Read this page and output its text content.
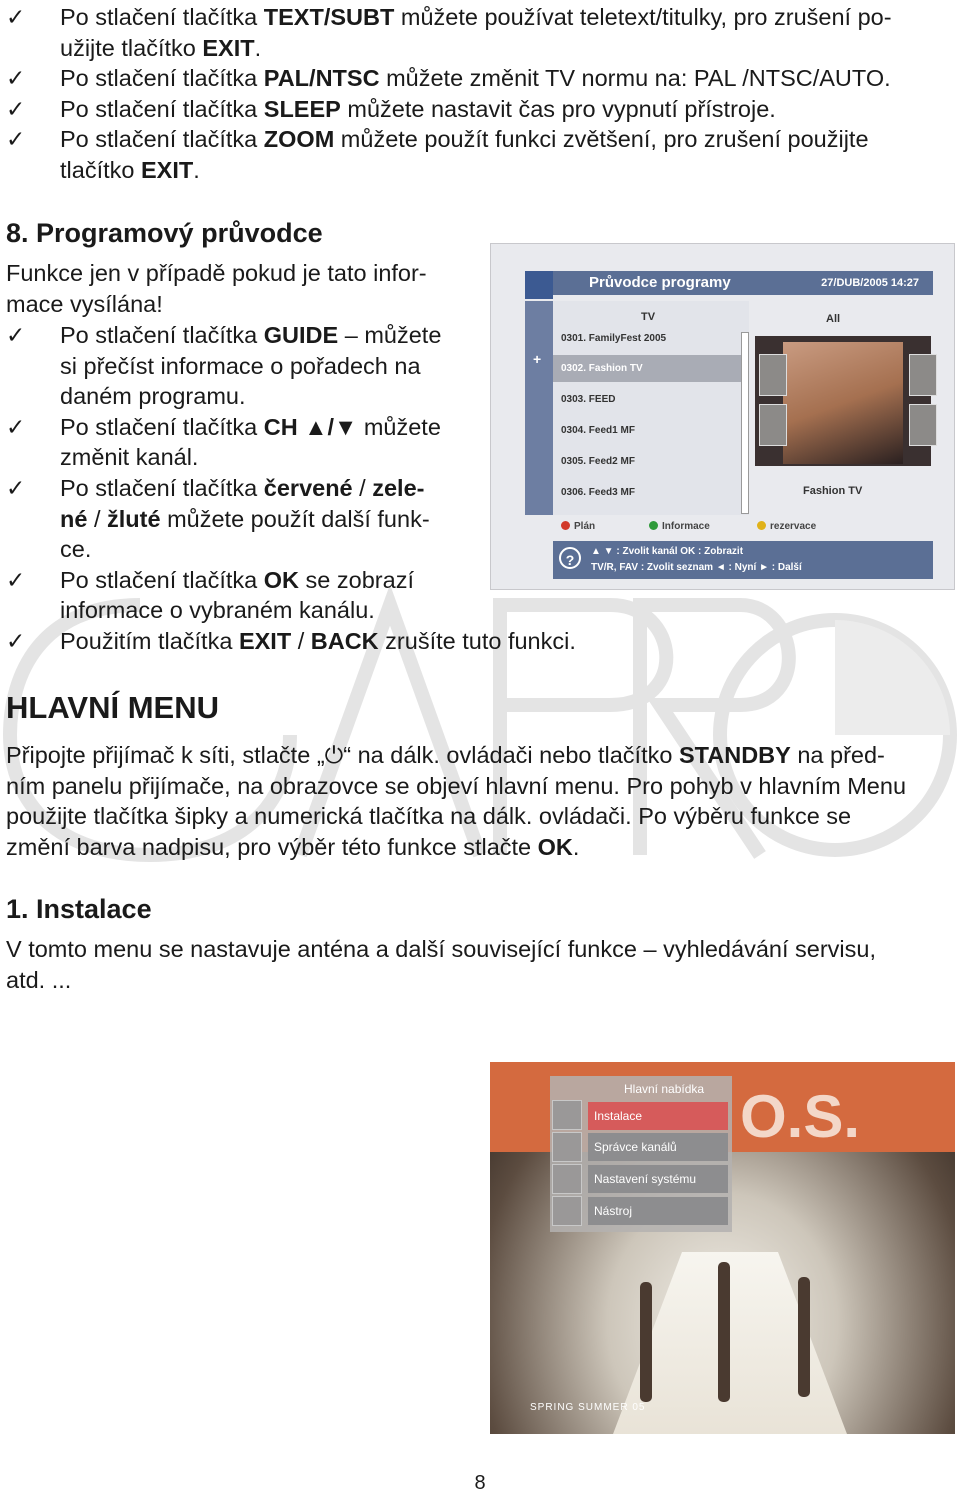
✓ Po stlačení tlačítka TEXT/SUBT můžete používat teletext/titulky, pro zrušení po-
užijte tlačítko EXIT.
✓ Po stlačení tlačítka PAL/NTSC můžete změnit TV normu na: PAL /NTSC/AUTO.
✓ Po stlačení tlačítka SLEEP můžete nastavit čas pro vypnutí přístroje.
✓ Po stlačení tlačítka ZOOM můžete použít funkci zvětšení, pro zrušení použijte
tlačítko EXIT.
8. Programový průvodce
Funkce jen v případě pokud je tato infor-
mace vysílána!
✓ Po stlačení tlačítka GUIDE – můžete
si přečíst informace o pořadech na
daném programu.
✓ Po stlačení tlačítka CH ▲/▼ můžete
změnit kanál.
✓ Po stlačení tlačítka červené / zele-
né / žluté můžete použít další funk-
ce.
✓ Po stlačení tlačítka OK se zobrazí
informace o vybraném kanálu.
✓ Použitím tlačítka EXIT / BACK zrušíte tuto funkci.
Průvodce programy	27/DUB/2005 14:27
+
TV	All
0301. FamilyFest 2005
0302. Fashion TV
0303. FEED
0304. Feed1 MF
0305. Feed2 MF
0306. Feed3 MF	Fashion TV
Plán	Informace	rezervace
?
▲ ▼ : Zvolit kanál OK : Zobrazit
TV/R, FAV : Zvolit seznam ◄ : Nyní ► : Další
HLAVNÍ MENU
Připojte přijímač k síti, stlačte „⏻“ na dálk. ovládači nebo tlačítko STANDBY na před-
ním panelu přijímače, na obrazovce se objeví hlavní menu. Pro pohyb v hlavním Menu
použijte tlačítka šipky a numerická tlačítka na dálk. ovládači. Po výběru funkce se
změní barva nadpisu, pro výběr této funkce stlačte OK.
1. Instalace
V tomto menu se nastavuje anténa a další související funkce – vyhledávání servisu,
atd. ...
O.S.
Hlavní nabídka
Instalace
Správce kanálů
Nastavení systému
Nástroj
SPRING SUMMER 05
8
